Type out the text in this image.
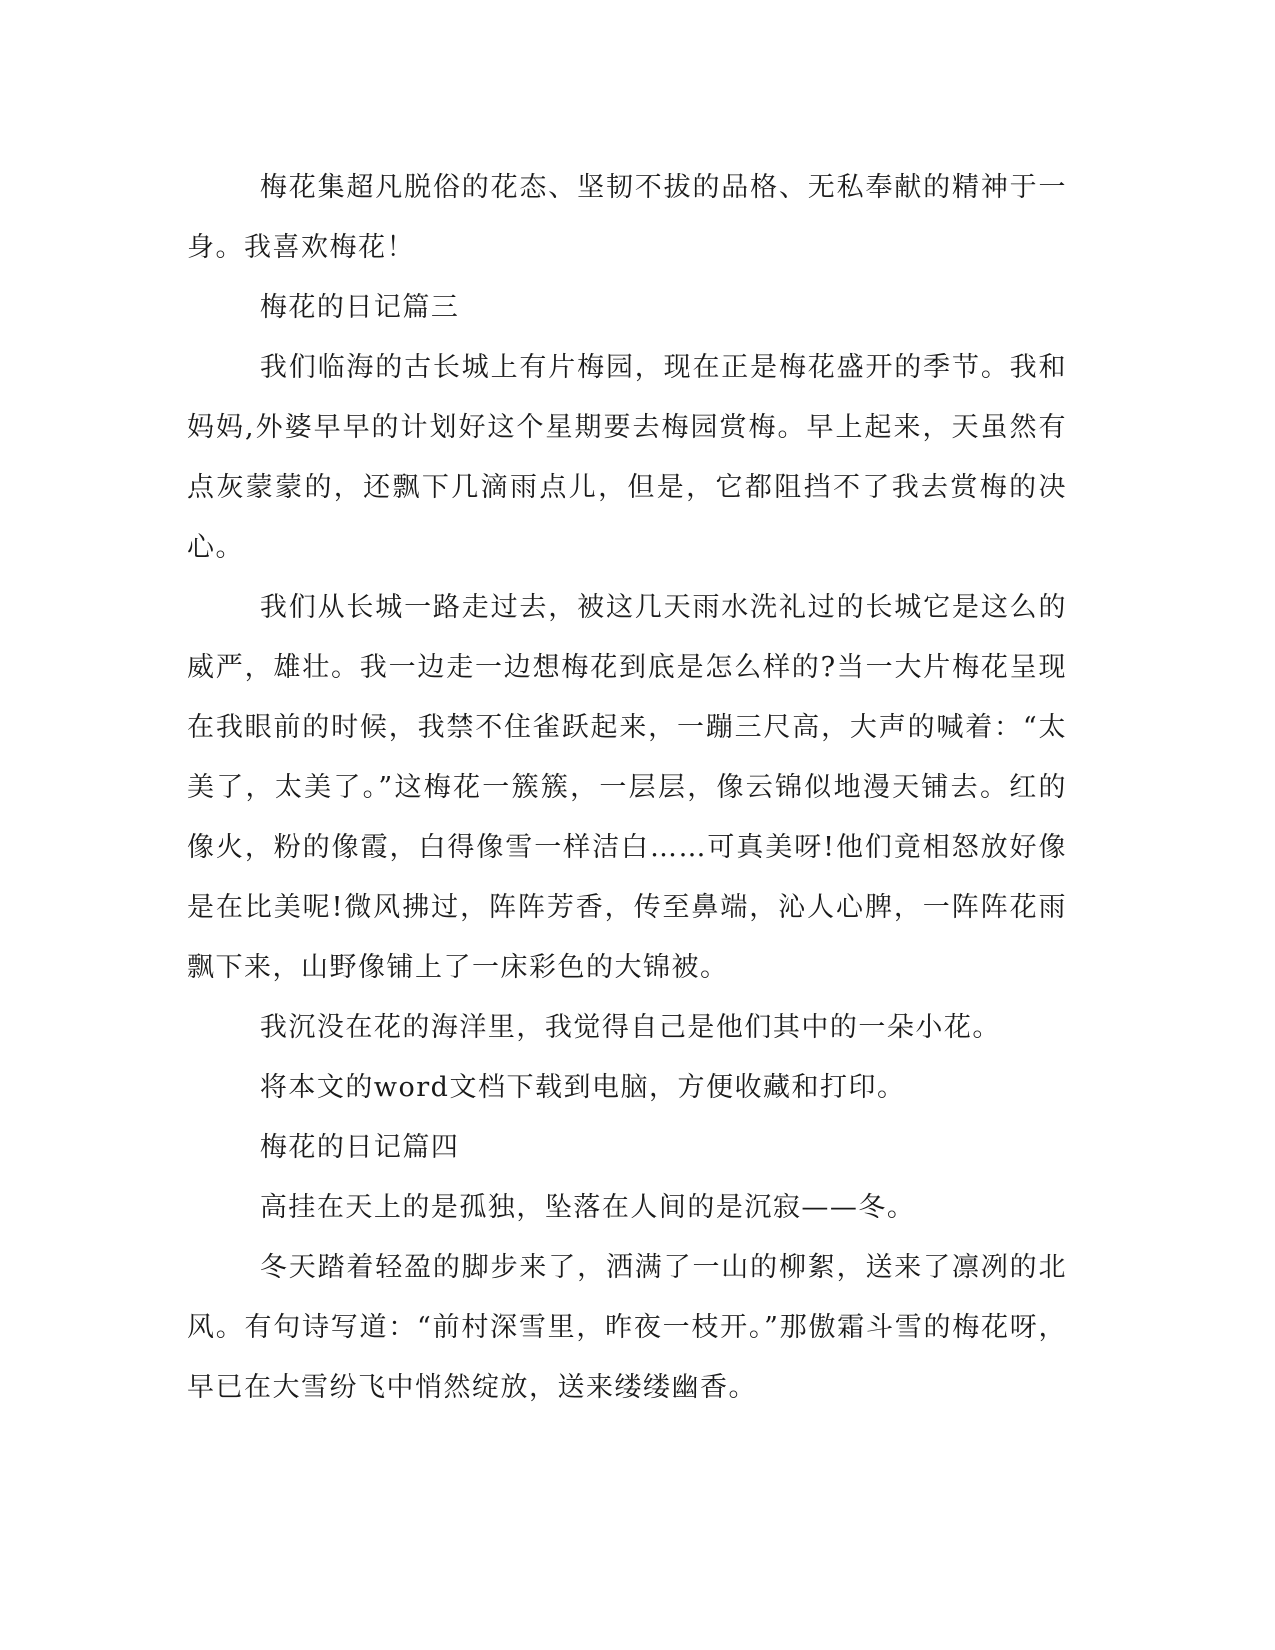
梅花集超凡脱俗的花态、坚韧不拔的品格、无私奉献的精神于一身。我喜欢梅花！

梅花的日记篇三

我们临海的古长城上有片梅园，现在正是梅花盛开的季节。我和妈妈,外婆早早的计划好这个星期要去梅园赏梅。早上起来，天虽然有点灰蒙蒙的，还飘下几滴雨点儿，但是，它都阻挡不了我去赏梅的决心。

我们从长城一路走过去，被这几天雨水洗礼过的长城它是这么的威严，雄壮。我一边走一边想梅花到底是怎么样的?当一大片梅花呈现在我眼前的时候，我禁不住雀跃起来，一蹦三尺高，大声的喊着：“太美了，太美了。”这梅花一簇簇，一层层，像云锦似地漫天铺去。红的像火，粉的像霞，白得像雪一样洁白……可真美呀!他们竟相怒放好像是在比美呢!微风拂过，阵阵芳香，传至鼻端，沁人心脾，一阵阵花雨飘下来，山野像铺上了一床彩色的大锦被。

我沉没在花的海洋里，我觉得自己是他们其中的一朵小花。

将本文的word文档下载到电脑，方便收藏和打印。

梅花的日记篇四

高挂在天上的是孤独，坠落在人间的是沉寂——冬。

冬天踏着轻盈的脚步来了，洒满了一山的柳絮，送来了凛冽的北风。有句诗写道：“前村深雪里，昨夜一枝开。”那傲霜斗雪的梅花呀，早已在大雪纷飞中悄然绽放，送来缕缕幽香。
